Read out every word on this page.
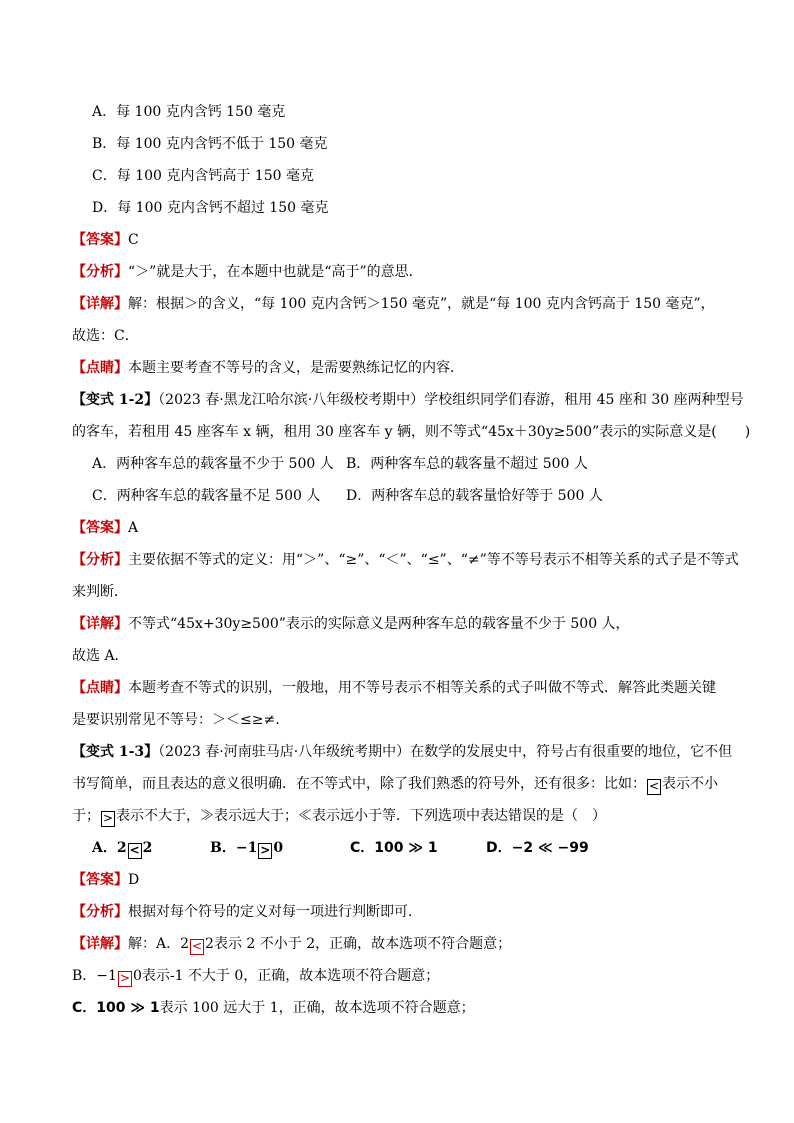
A．每 100 克内含钙 150 毫克
B．每 100 克内含钙不低于 150 毫克
C．每 100 克内含钙高于 150 毫克
D．每 100 克内含钙不超过 150 毫克
【答案】C
【分析】“＞”就是大于，在本题中也就是“高于”的意思．
【详解】解：根据＞的含义，“每 100 克内含钙＞150 毫克”，就是“每 100 克内含钙高于 150 毫克”，
故选：C．
【点睛】本题主要考查不等号的含义，是需要熟练记忆的内容．
【变式 1-2】（2023 春·黑龙江哈尔滨·八年级校考期中）学校组织同学们春游，租用 45 座和 30 座两种型号
的客车，若租用 45 座客车 x 辆，租用 30 座客车 y 辆，则不等式“45x＋30y≥500”表示的实际意义是(　　)
A．两种客车总的载客量不少于 500 人 B．两种客车总的载客量不超过 500 人
C．两种客车总的载客量不足 500 人 D．两种客车总的载客量恰好等于 500 人
【答案】A
【分析】主要依据不等式的定义：用“＞”、“≥”、“＜”、“≤”、“≠”等不等号表示不相等关系的式子是不等式
来判断．
【详解】不等式“45x+30y≥500”表示的实际意义是两种客车总的载客量不少于 500 人，
故选 A．
【点睛】本题考查不等式的识别，一般地，用不等号表示不相等关系的式子叫做不等式．解答此类题关键
是要识别常见不等号：＞＜≤≥≠.
【变式 1-3】（2023 春·河南驻马店·八年级统考期中）在数学的发展史中，符号占有很重要的地位，它不但
书写简单，而且表达的意义很明确．在不等式中，除了我们熟悉的符号外，还有很多：比如： < 表示不小
于； > 表示不大于，≫表示远大于；≪表示远小于等．下列选项中表达错误的是（　）
A．2 < 2	B．−1 > 0	C．100 ≫ 1	D．−2 ≪ −99
【答案】D
【分析】根据对每个符号的定义对每一项进行判断即可．
【详解】解：A．2 < 2表示 2 不小于 2，正确，故本选项不符合题意；
B．−1 > 0表示-1 不大于 0，正确，故本选项不符合题意；
C．100 ≫ 1表示 100 远大于 1，正确，故本选项不符合题意；
